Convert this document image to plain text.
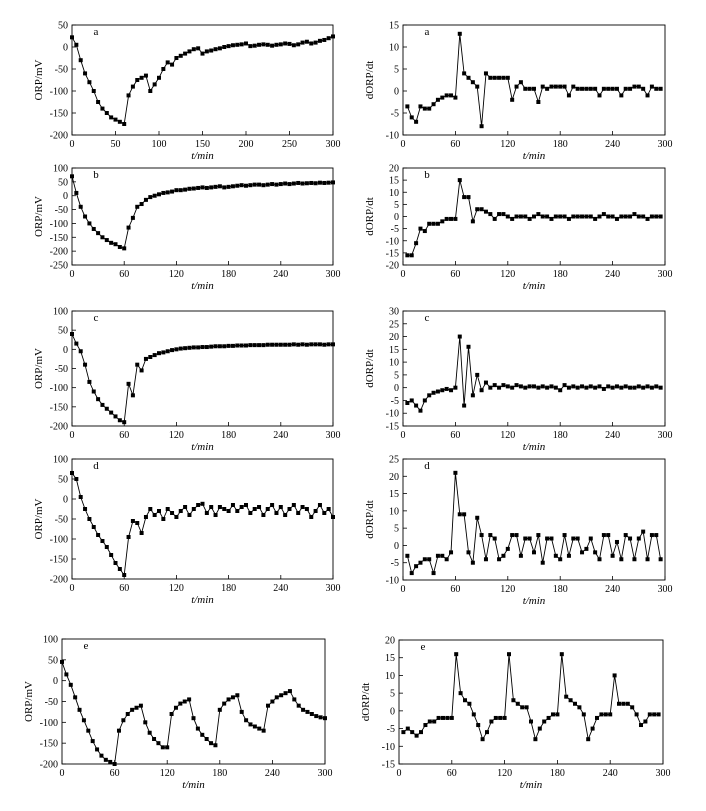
-200
-150
-100
-50
0
50
0	50	100	150	200	250	300
t/min
ORP/mV
a
-10
-5
0
5
10
15
0	60	120	180	240	300
t/min
dORP/dt
a
-250
-200
-150
-100
-50
0
50
100
0	60	120	180	240	300
t/min
ORP/mV
b
-20
-15
-10
-5
0
5
10
15
20
0	60	120	180	240	300
t/min
dORP/dt
b
-200
-150
-100
-50
0
50
100
0	60	120	180	240	300
t/min
ORP/mV
c
-15
-10
-5
0
5
10
15
20
25
30
0	60	120	180	240	300
t/min
dORP/dt
c
-200
-150
-100
-50
0
50
100
0	60	120	180	240	300
t/min
ORP/mV
d
-10
-5
0
5
10
15
20
25
0	60	120	180	240	300
t/min
dORP/dt
d
-200
-150
-100
-50
0
50
100
0	60	120	180	240	300
t/min
ORP/mV
e
-15
-10
-5
0
5
10
15
20
0	60	120	180	240	300
t/min
dORP/dt
e
